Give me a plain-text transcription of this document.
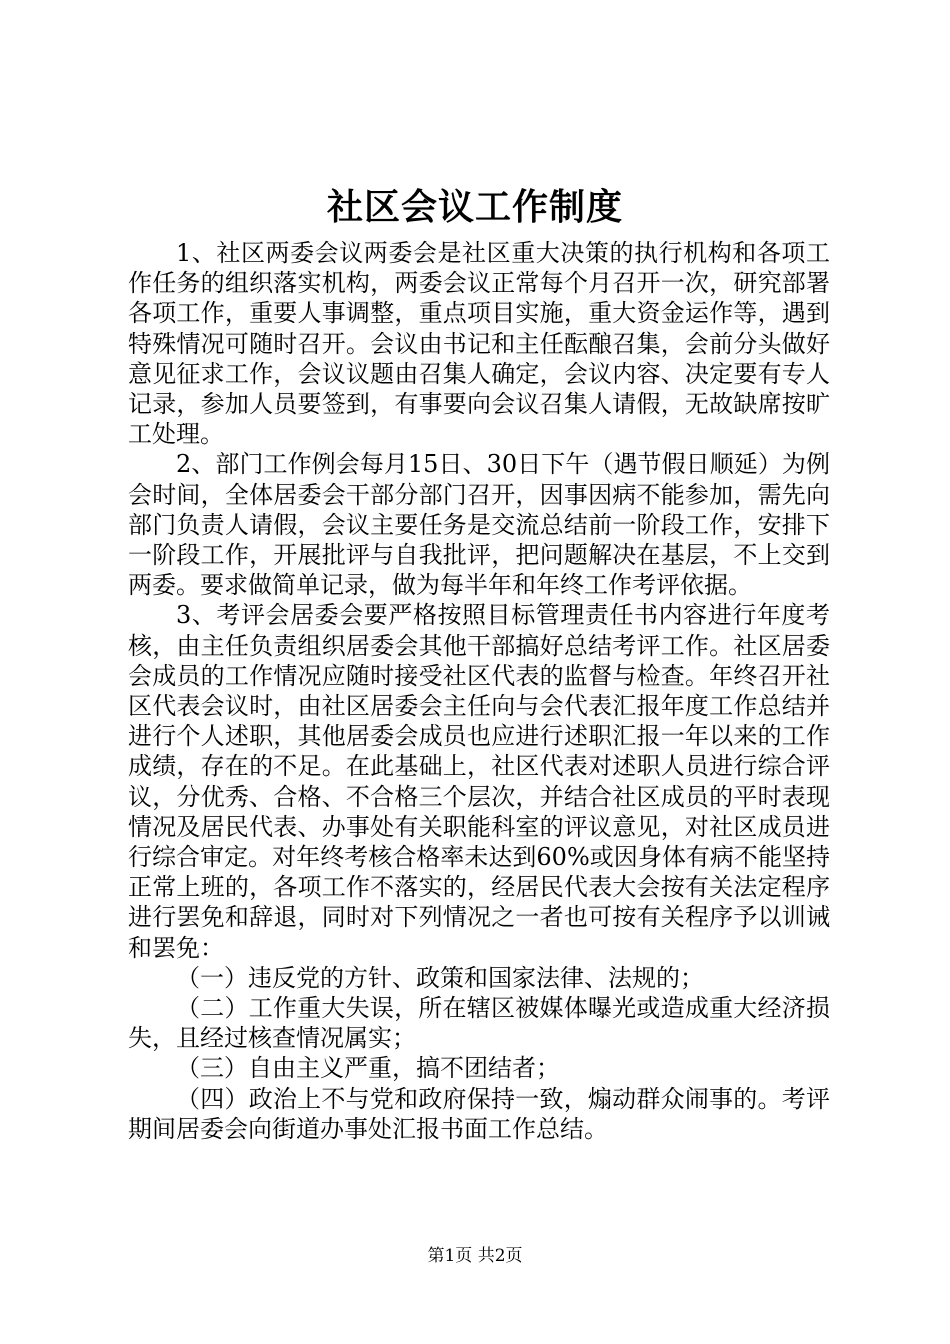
社区会议工作制度

1、社区两委会议两委会是社区重大决策的执行机构和各项工作任务的组织落实机构，两委会议正常每个月召开一次，研究部署各项工作，重要人事调整，重点项目实施，重大资金运作等，遇到特殊情况可随时召开。会议由书记和主任酝酿召集，会前分头做好意见征求工作，会议议题由召集人确定，会议内容、决定要有专人记录，参加人员要签到，有事要向会议召集人请假，无故缺席按旷工处理。

2、部门工作例会每月15日、30日下午（遇节假日顺延）为例会时间，全体居委会干部分部门召开，因事因病不能参加，需先向部门负责人请假，会议主要任务是交流总结前一阶段工作，安排下一阶段工作，开展批评与自我批评，把问题解决在基层，不上交到两委。要求做简单记录，做为每半年和年终工作考评依据。

3、考评会居委会要严格按照目标管理责任书内容进行年度考核，由主任负责组织居委会其他干部搞好总结考评工作。社区居委会成员的工作情况应随时接受社区代表的监督与检查。年终召开社区代表会议时，由社区居委会主任向与会代表汇报年度工作总结并进行个人述职，其他居委会成员也应进行述职汇报一年以来的工作成绩，存在的不足。在此基础上，社区代表对述职人员进行综合评议，分优秀、合格、不合格三个层次，并结合社区成员的平时表现情况及居民代表、办事处有关职能科室的评议意见，对社区成员进行综合审定。对年终考核合格率未达到60%或因身体有病不能坚持正常上班的，各项工作不落实的，经居民代表大会按有关法定程序进行罢免和辞退，同时对下列情况之一者也可按有关程序予以训诫和罢免：

（一）违反党的方针、政策和国家法律、法规的；

（二）工作重大失误，所在辖区被媒体曝光或造成重大经济损失，且经过核查情况属实；

（三）自由主义严重，搞不团结者；

（四）政治上不与党和政府保持一致，煽动群众闹事的。考评期间居委会向街道办事处汇报书面工作总结。

第1页 共2页
